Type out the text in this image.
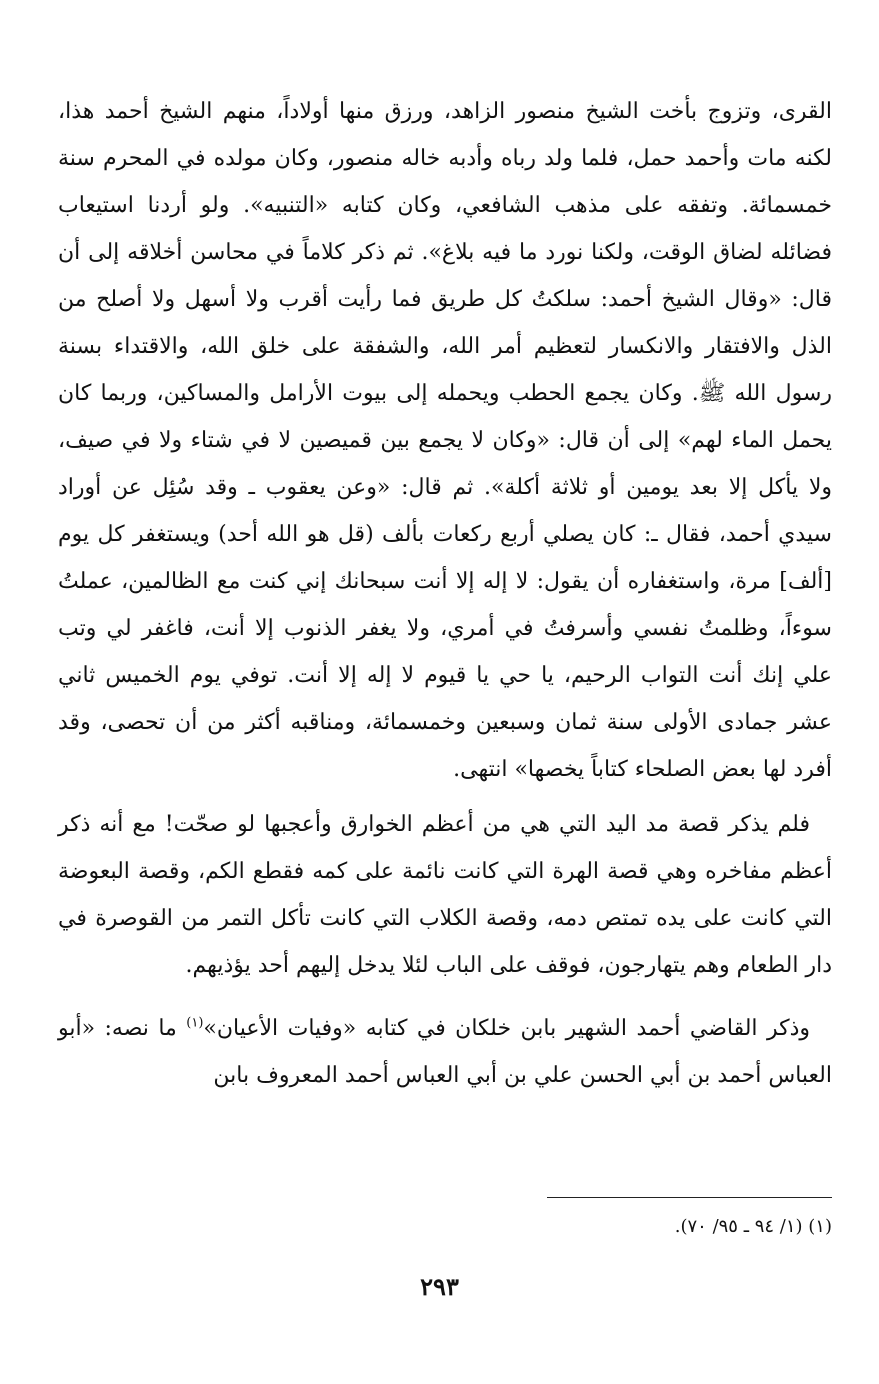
القرى، وتزوج بأخت الشيخ منصور الزاهد، ورزق منها أولاداً، منهم الشيخ أحمد هذا، لكنه مات وأحمد حمل، فلما ولد رباه وأدبه خاله منصور، وكان مولده في المحرم سنة خمسمائة. وتفقه على مذهب الشافعي، وكان كتابه «التنبيه». ولو أردنا استيعاب فضائله لضاق الوقت، ولكنا نورد ما فيه بلاغ». ثم ذكر كلاماً في محاسن أخلاقه إلى أن قال: «وقال الشيخ أحمد: سلكتُ كل طريق فما رأيت أقرب ولا أسهل ولا أصلح من الذل والافتقار والانكسار لتعظيم أمر الله، والشفقة على خلق الله، والاقتداء بسنة رسول الله ﷺ. وكان يجمع الحطب ويحمله إلى بيوت الأرامل والمساكين، وربما كان يحمل الماء لهم» إلى أن قال: «وكان لا يجمع بين قميصين لا في شتاء ولا في صيف، ولا يأكل إلا بعد يومين أو ثلاثة أكلة». ثم قال: «وعن يعقوب ـ وقد سُئِل عن أوراد سيدي أحمد، فقال ـ: كان يصلي أربع ركعات بألف (قل هو الله أحد) ويستغفر كل يوم [ألف] مرة، واستغفاره أن يقول: لا إله إلا أنت سبحانك إني كنت مع الظالمين، عملتُ سوءاً، وظلمتُ نفسي وأسرفتُ في أمري، ولا يغفر الذنوب إلا أنت، فاغفر لي وتب علي إنك أنت التواب الرحيم، يا حي يا قيوم لا إله إلا أنت. توفي يوم الخميس ثاني عشر جمادى الأولى سنة ثمان وسبعين وخمسمائة، ومناقبه أكثر من أن تحصى، وقد أفرد لها بعض الصلحاء كتاباً يخصها» انتهى.

فلم يذكر قصة مد اليد التي هي من أعظم الخوارق وأعجبها لو صحّت! مع أنه ذكر أعظم مفاخره وهي قصة الهرة التي كانت نائمة على كمه فقطع الكم، وقصة البعوضة التي كانت على يده تمتص دمه، وقصة الكلاب التي كانت تأكل التمر من القوصرة في دار الطعام وهم يتهارجون، فوقف على الباب لئلا يدخل إليهم أحد يؤذيهم.

وذكر القاضي أحمد الشهير بابن خلكان في كتابه «وفيات الأعيان»$^{(١)}$ ما نصه: «أبو العباس أحمد بن أبي الحسن علي بن أبي العباس أحمد المعروف بابن

(١) (١/ ٩٤ ـ ٩٥/ ٧٠).

٢٩٣
